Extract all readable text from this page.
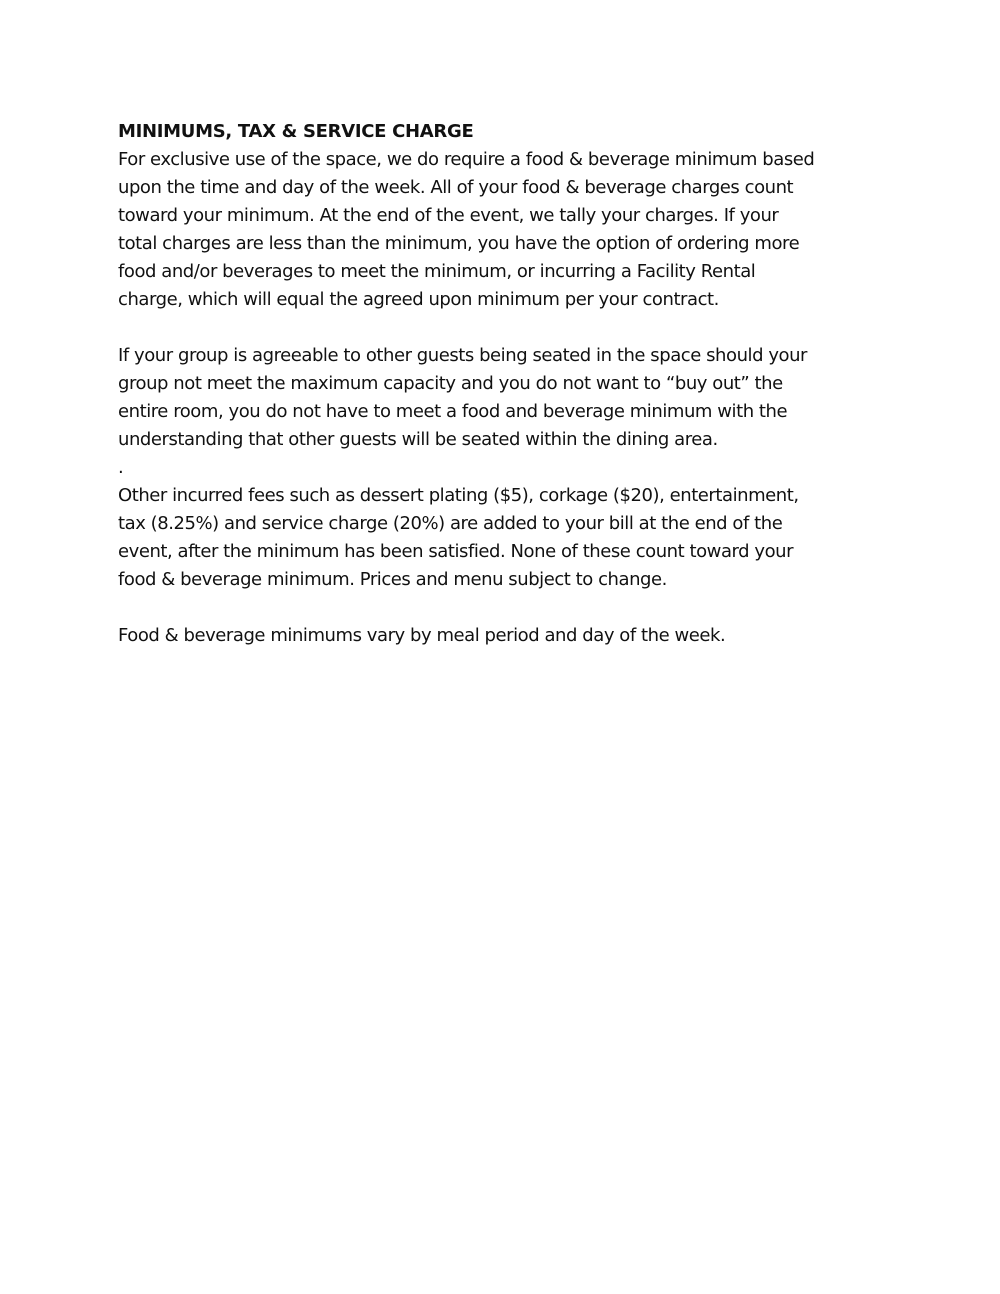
MINIMUMS, TAX & SERVICE CHARGE

For exclusive use of the space, we do require a food & beverage minimum based
upon the time and day of the week. All of your food & beverage charges count
toward your minimum. At the end of the event, we tally your charges. If your
total charges are less than the minimum, you have the option of ordering more
food and/or beverages to meet the minimum, or incurring a Facility Rental
charge, which will equal the agreed upon minimum per your contract.

If your group is agreeable to other guests being seated in the space should your
group not meet the maximum capacity and you do not want to “buy out” the
entire room, you do not have to meet a food and beverage minimum with the
understanding that other guests will be seated within the dining area.

.

Other incurred fees such as dessert plating ($5), corkage ($20), entertainment,
tax (8.25%) and service charge (20%) are added to your bill at the end of the
event, after the minimum has been satisfied. None of these count toward your
food & beverage minimum. Prices and menu subject to change.

Food & beverage minimums vary by meal period and day of the week.
